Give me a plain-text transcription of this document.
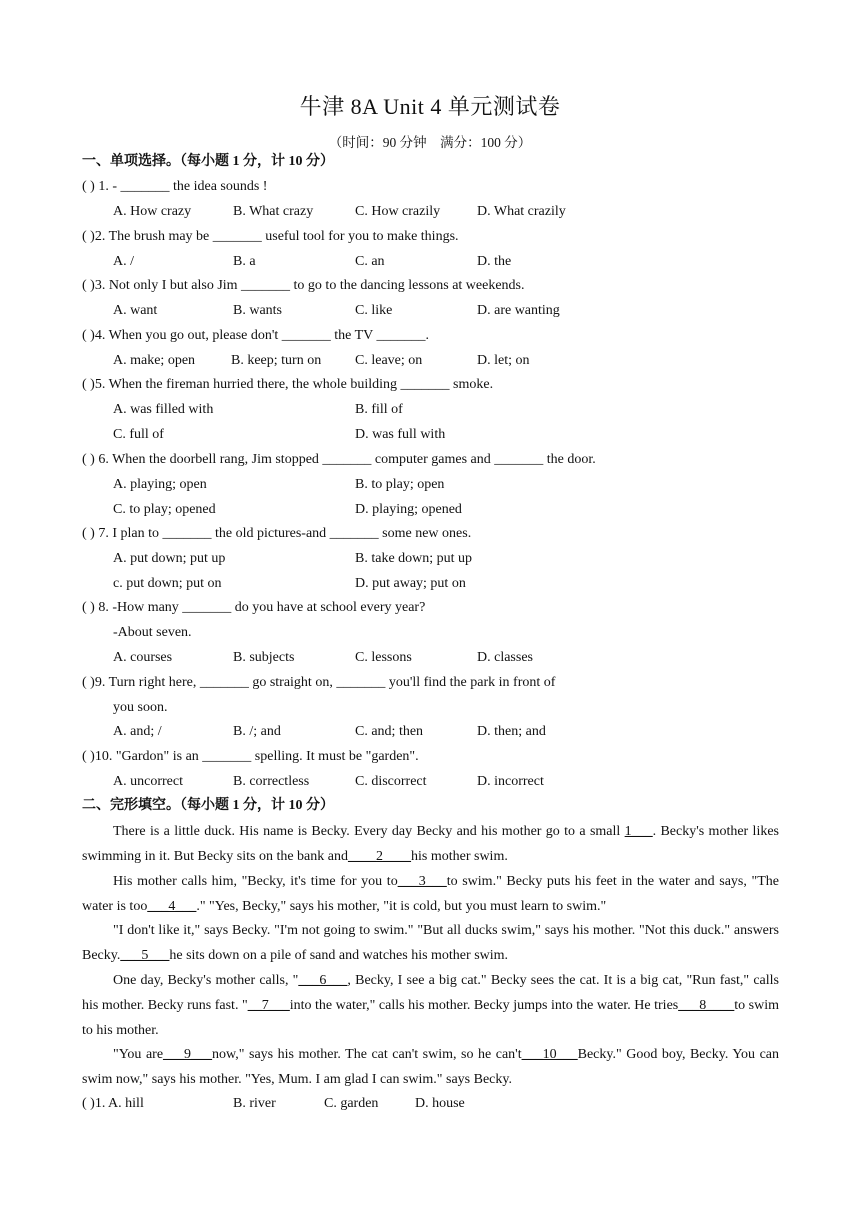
牛津 8A Unit 4 单元测试卷
（时间：90 分钟　满分：100 分）
一、单项选择。（每小题 1 分，计 10 分）
( ) 1. - _______ the idea sounds !
A. How crazy	B. What crazy	C. How crazily	D. What crazily
( )2. The brush may be _______ useful tool for you to make things.
A. /	B. a	C. an	D. the
( )3. Not only I but also Jim _______ to go to the dancing lessons at weekends.
A. want	B. wants	C. like	D. are wanting
( )4. When you go out, please don't _______ the TV _______.
A. make; open	B. keep; turn on C. leave; on	D. let; on
( )5. When the fireman hurried there, the whole building _______ smoke.
A. was filled with	B. fill of
C. full of	D. was full with
( ) 6. When the doorbell rang, Jim stopped _______ computer games and _______ the door.
A. playing; open	B. to play; open
C. to play; opened	D. playing; opened
( ) 7. I plan to _______ the old pictures-and _______ some new ones.
A. put down; put up	B. take down; put up
c. put down; put on	D. put away; put on
( ) 8. -How many _______ do you have at school every year?
-About seven.
A. courses	B. subjects	C. lessons	D. classes
( )9. Turn right here, _______ go straight on, _______ you'll find the park in front of
you soon.
A. and; /	B. /; and	C. and; then	D. then; and
( )10. "Gardon" is an _______ spelling. It must be "garden".
A. uncorrect	B. correctless	C. discorrect	D. incorrect
二、完形填空。（每小题 1 分，计 10 分）
There is a little duck. His name is Becky. Every day Becky and his mother go to a small 1___. Becky's mother likes swimming in it. But Becky sits on the bank and____2____his mother swim.
His mother calls him, "Becky, it's time for you to___3___to swim." Becky puts his feet in the water and says, "The water is too___4___." "Yes, Becky," says his mother, "it is cold, but you must learn to swim."
"I don't like it," says Becky. "I'm not going to swim." "But all ducks swim," says his mother. "Not this duck." answers Becky.___5___he sits down on a pile of sand and watches his mother swim.
One day, Becky's mother calls, "___6___, Becky, I see a big cat." Becky sees the cat. It is a big cat, "Run fast," calls his mother. Becky runs fast. "__7___into the water," calls his mother. Becky jumps into the water. He tries___8____to swim to his mother.
"You are___9___now," says his mother. The cat can't swim, so he can't___10___Becky." Good boy, Becky. You can swim now," says his mother. "Yes, Mum. I am glad I can swim." says Becky.
( )1. A. hill	B. river	C. garden	D. house
